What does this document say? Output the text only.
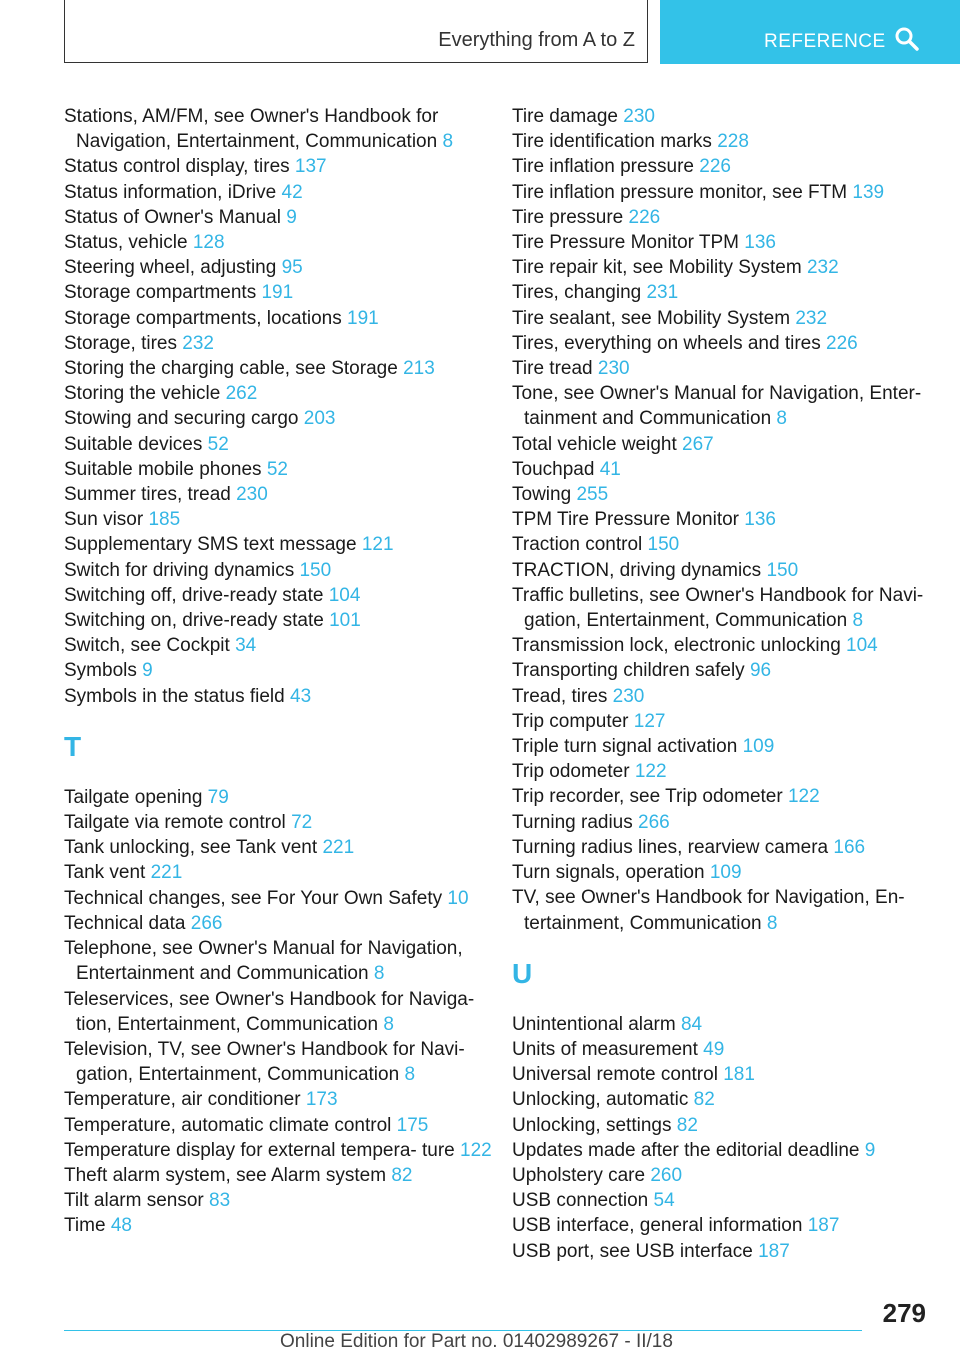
Everything from A to Z	REFERENCE
Stations, AM/FM, see Owner's Handbook for Navigation, Entertainment, Communication 8
Status control display, tires 137
Status information, iDrive 42
Status of Owner's Manual 9
Status, vehicle 128
Steering wheel, adjusting 95
Storage compartments 191
Storage compartments, locations 191
Storage, tires 232
Storing the charging cable, see Storage 213
Storing the vehicle 262
Stowing and securing cargo 203
Suitable devices 52
Suitable mobile phones 52
Summer tires, tread 230
Sun visor 185
Supplementary SMS text message 121
Switch for driving dynamics 150
Switching off, drive-ready state 104
Switching on, drive-ready state 101
Switch, see Cockpit 34
Symbols 9
Symbols in the status field 43
T
Tailgate opening 79
Tailgate via remote control 72
Tank unlocking, see Tank vent 221
Tank vent 221
Technical changes, see For Your Own Safety 10
Technical data 266
Telephone, see Owner's Manual for Navigation, Entertainment and Communication 8
Teleservices, see Owner's Handbook for Naviga‐ tion, Entertainment, Communication 8
Television, TV, see Owner's Handbook for Navi‐ gation, Entertainment, Communication 8
Temperature, air conditioner 173
Temperature, automatic climate control 175
Temperature display for external tempera‐ ture 122
Theft alarm system, see Alarm system 82
Tilt alarm sensor 83
Time 48
Tire damage 230
Tire identification marks 228
Tire inflation pressure 226
Tire inflation pressure monitor, see FTM 139
Tire pressure 226
Tire Pressure Monitor TPM 136
Tire repair kit, see Mobility System 232
Tires, changing 231
Tire sealant, see Mobility System 232
Tires, everything on wheels and tires 226
Tire tread 230
Tone, see Owner's Manual for Navigation, Enter‐ tainment and Communication 8
Total vehicle weight 267
Touchpad 41
Towing 255
TPM Tire Pressure Monitor 136
Traction control 150
TRACTION, driving dynamics 150
Traffic bulletins, see Owner's Handbook for Navi‐ gation, Entertainment, Communication 8
Transmission lock, electronic unlocking 104
Transporting children safely 96
Tread, tires 230
Trip computer 127
Triple turn signal activation 109
Trip odometer 122
Trip recorder, see Trip odometer 122
Turning radius 266
Turning radius lines, rearview camera 166
Turn signals, operation 109
TV, see Owner's Handbook for Navigation, En‐ tertainment, Communication 8
U
Unintentional alarm 84
Units of measurement 49
Universal remote control 181
Unlocking, automatic 82
Unlocking, settings 82
Updates made after the editorial deadline 9
Upholstery care 260
USB connection 54
USB interface, general information 187
USB port, see USB interface 187
279
Online Edition for Part no. 01402989267 - II/18
